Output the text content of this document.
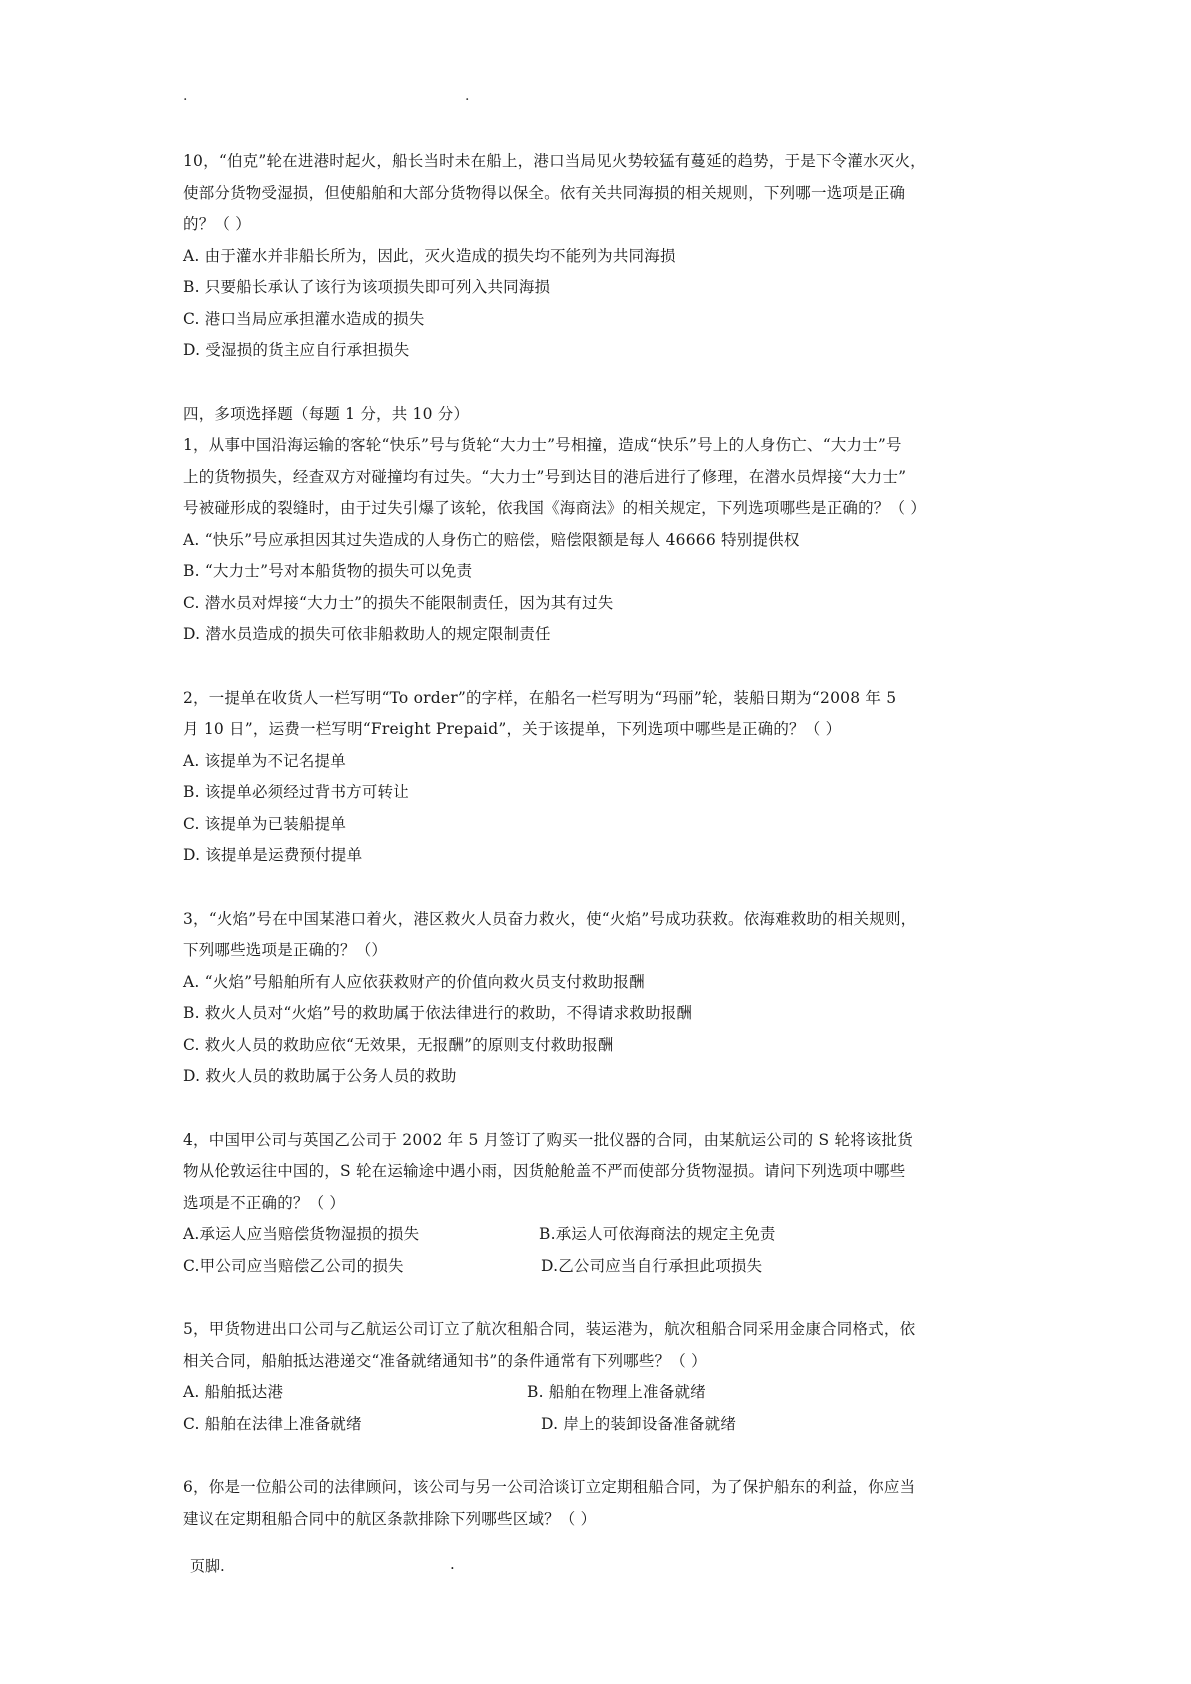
.	.
10，“伯克”轮在进港时起火，船长当时未在船上，港口当局见火势较猛有蔓延的趋势，于是下令灌水灭火，
使部分货物受湿损，但使船舶和大部分货物得以保全。依有关共同海损的相关规则，下列哪一选项是正确
的？（ ）
A. 由于灌水并非船长所为，因此，灭火造成的损失均不能列为共同海损
B. 只要船长承认了该行为该项损失即可列入共同海损
C. 港口当局应承担灌水造成的损失
D. 受湿损的货主应自行承担损失
四，多项选择题（每题 1 分，共 10 分）
1，从事中国沿海运输的客轮“快乐”号与货轮“大力士”号相撞，造成“快乐”号上的人身伤亡、“大力士”号
上的货物损失，经查双方对碰撞均有过失。“大力士”号到达目的港后进行了修理，在潜水员焊接“大力士”
号被碰形成的裂缝时，由于过失引爆了该轮，依我国《海商法》的相关规定，下列选项哪些是正确的？（ ）
A. “快乐”号应承担因其过失造成的人身伤亡的赔偿，赔偿限额是每人 46666 特别提供权
B. “大力士”号对本船货物的损失可以免责
C. 潜水员对焊接“大力士”的损失不能限制责任，因为其有过失
D. 潜水员造成的损失可依非船救助人的规定限制责任
2，一提单在收货人一栏写明“To order”的字样，在船名一栏写明为“玛丽”轮，装船日期为“2008 年 5
月 10 日”，运费一栏写明“Freight Prepaid”，关于该提单，下列选项中哪些是正确的？（ ）
A. 该提单为不记名提单
B. 该提单必须经过背书方可转让
C. 该提单为已装船提单
D. 该提单是运费预付提单
3，“火焰”号在中国某港口着火，港区救火人员奋力救火，使“火焰”号成功获救。依海难救助的相关规则，
下列哪些选项是正确的？（）
A. “火焰”号船舶所有人应依获救财产的价值向救火员支付救助报酬
B. 救火人员对“火焰”号的救助属于依法律进行的救助，不得请求救助报酬
C. 救火人员的救助应依“无效果，无报酬”的原则支付救助报酬
D. 救火人员的救助属于公务人员的救助
4，中国甲公司与英国乙公司于 2002 年 5 月签订了购买一批仪器的合同，由某航运公司的 S 轮将该批货
物从伦敦运往中国的，S 轮在运输途中遇小雨，因货舱舱盖不严而使部分货物湿损。请问下列选项中哪些
选项是不正确的？（ ）
A.承运人应当赔偿货物湿损的损失	B.承运人可依海商法的规定主免责
C.甲公司应当赔偿乙公司的损失	D.乙公司应当自行承担此项损失
5，甲货物进出口公司与乙航运公司订立了航次租船合同，装运港为，航次租船合同采用金康合同格式，依
相关合同，船舶抵达港递交“准备就绪通知书”的条件通常有下列哪些？（ ）
A. 船舶抵达港	B. 船舶在物理上准备就绪
C. 船舶在法律上准备就绪	D. 岸上的装卸设备准备就绪
6，你是一位船公司的法律顾问，该公司与另一公司洽谈订立定期租船合同，为了保护船东的利益，你应当
建议在定期租船合同中的航区条款排除下列哪些区域？（ ）
页脚.	.
